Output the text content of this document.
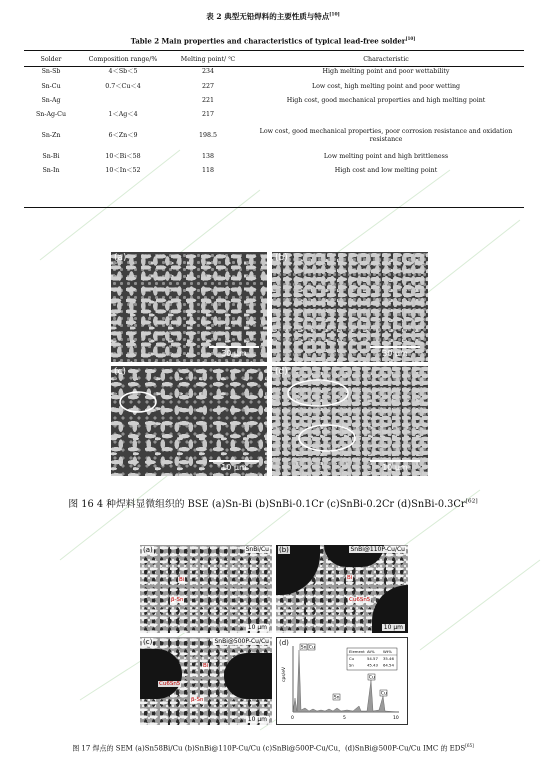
表 2 典型无铅焊料的主要性质与特点[10]
Table 2 Main properties and characteristics of typical lead-free solder[10]
Solder	Composition range/%	Melting point/ ℃	Characteristic
Sn-Sb	4＜Sb＜5	234	High melting point and poor wettability
Sn-Cu	0.7＜Cu＜4	227	Low cost, high melting point and poor wetting
Sn-Ag		221	High cost, good mechanical properties and high melting point
Sn-Ag-Cu	1＜Ag＜4	217	
Sn-Zn	6＜Zn＜9	198.5	Low cost, good mechanical properties, poor corrosion resistance and oxidation resistance
Sn-Bi	10＜Bi＜58	138	Low melting point and high brittleness
Sn-In	10＜In＜52	118	High cost and low melting point
(a)
30 μm
(b)
30 μm
(c)
10 μm
(d)
10 μm
图 16 4 种焊料显微组织的 BSE (a)Sn-Bi (b)SnBi-0.1Cr (c)SnBi-0.2Cr (d)SnBi-0.3Cr[62]
(a)	SnBi/Cu
Bi
β-Sn
10 μm
(b)	SnBi@110P-Cu/Cu
Bi
Cu6Sn5
10 μm
(c)	SnBi@500P-Cu/Cu
Bi
Cu6Sn5
β-Sn
10 μm
(d)
Sn Cu
Sn
Cu
Cu
0	5	10
cps/eV
Element At% Wt%
Cu	54.57 35.46
Sn	45.43 64.54
图 17 焊点的 SEM (a)Sn58Bi/Cu (b)SnBi@110P-Cu/Cu (c)SnBi@500P-Cu/Cu，(d)SnBi@500P-Cu/Cu IMC 的 EDS[65]
